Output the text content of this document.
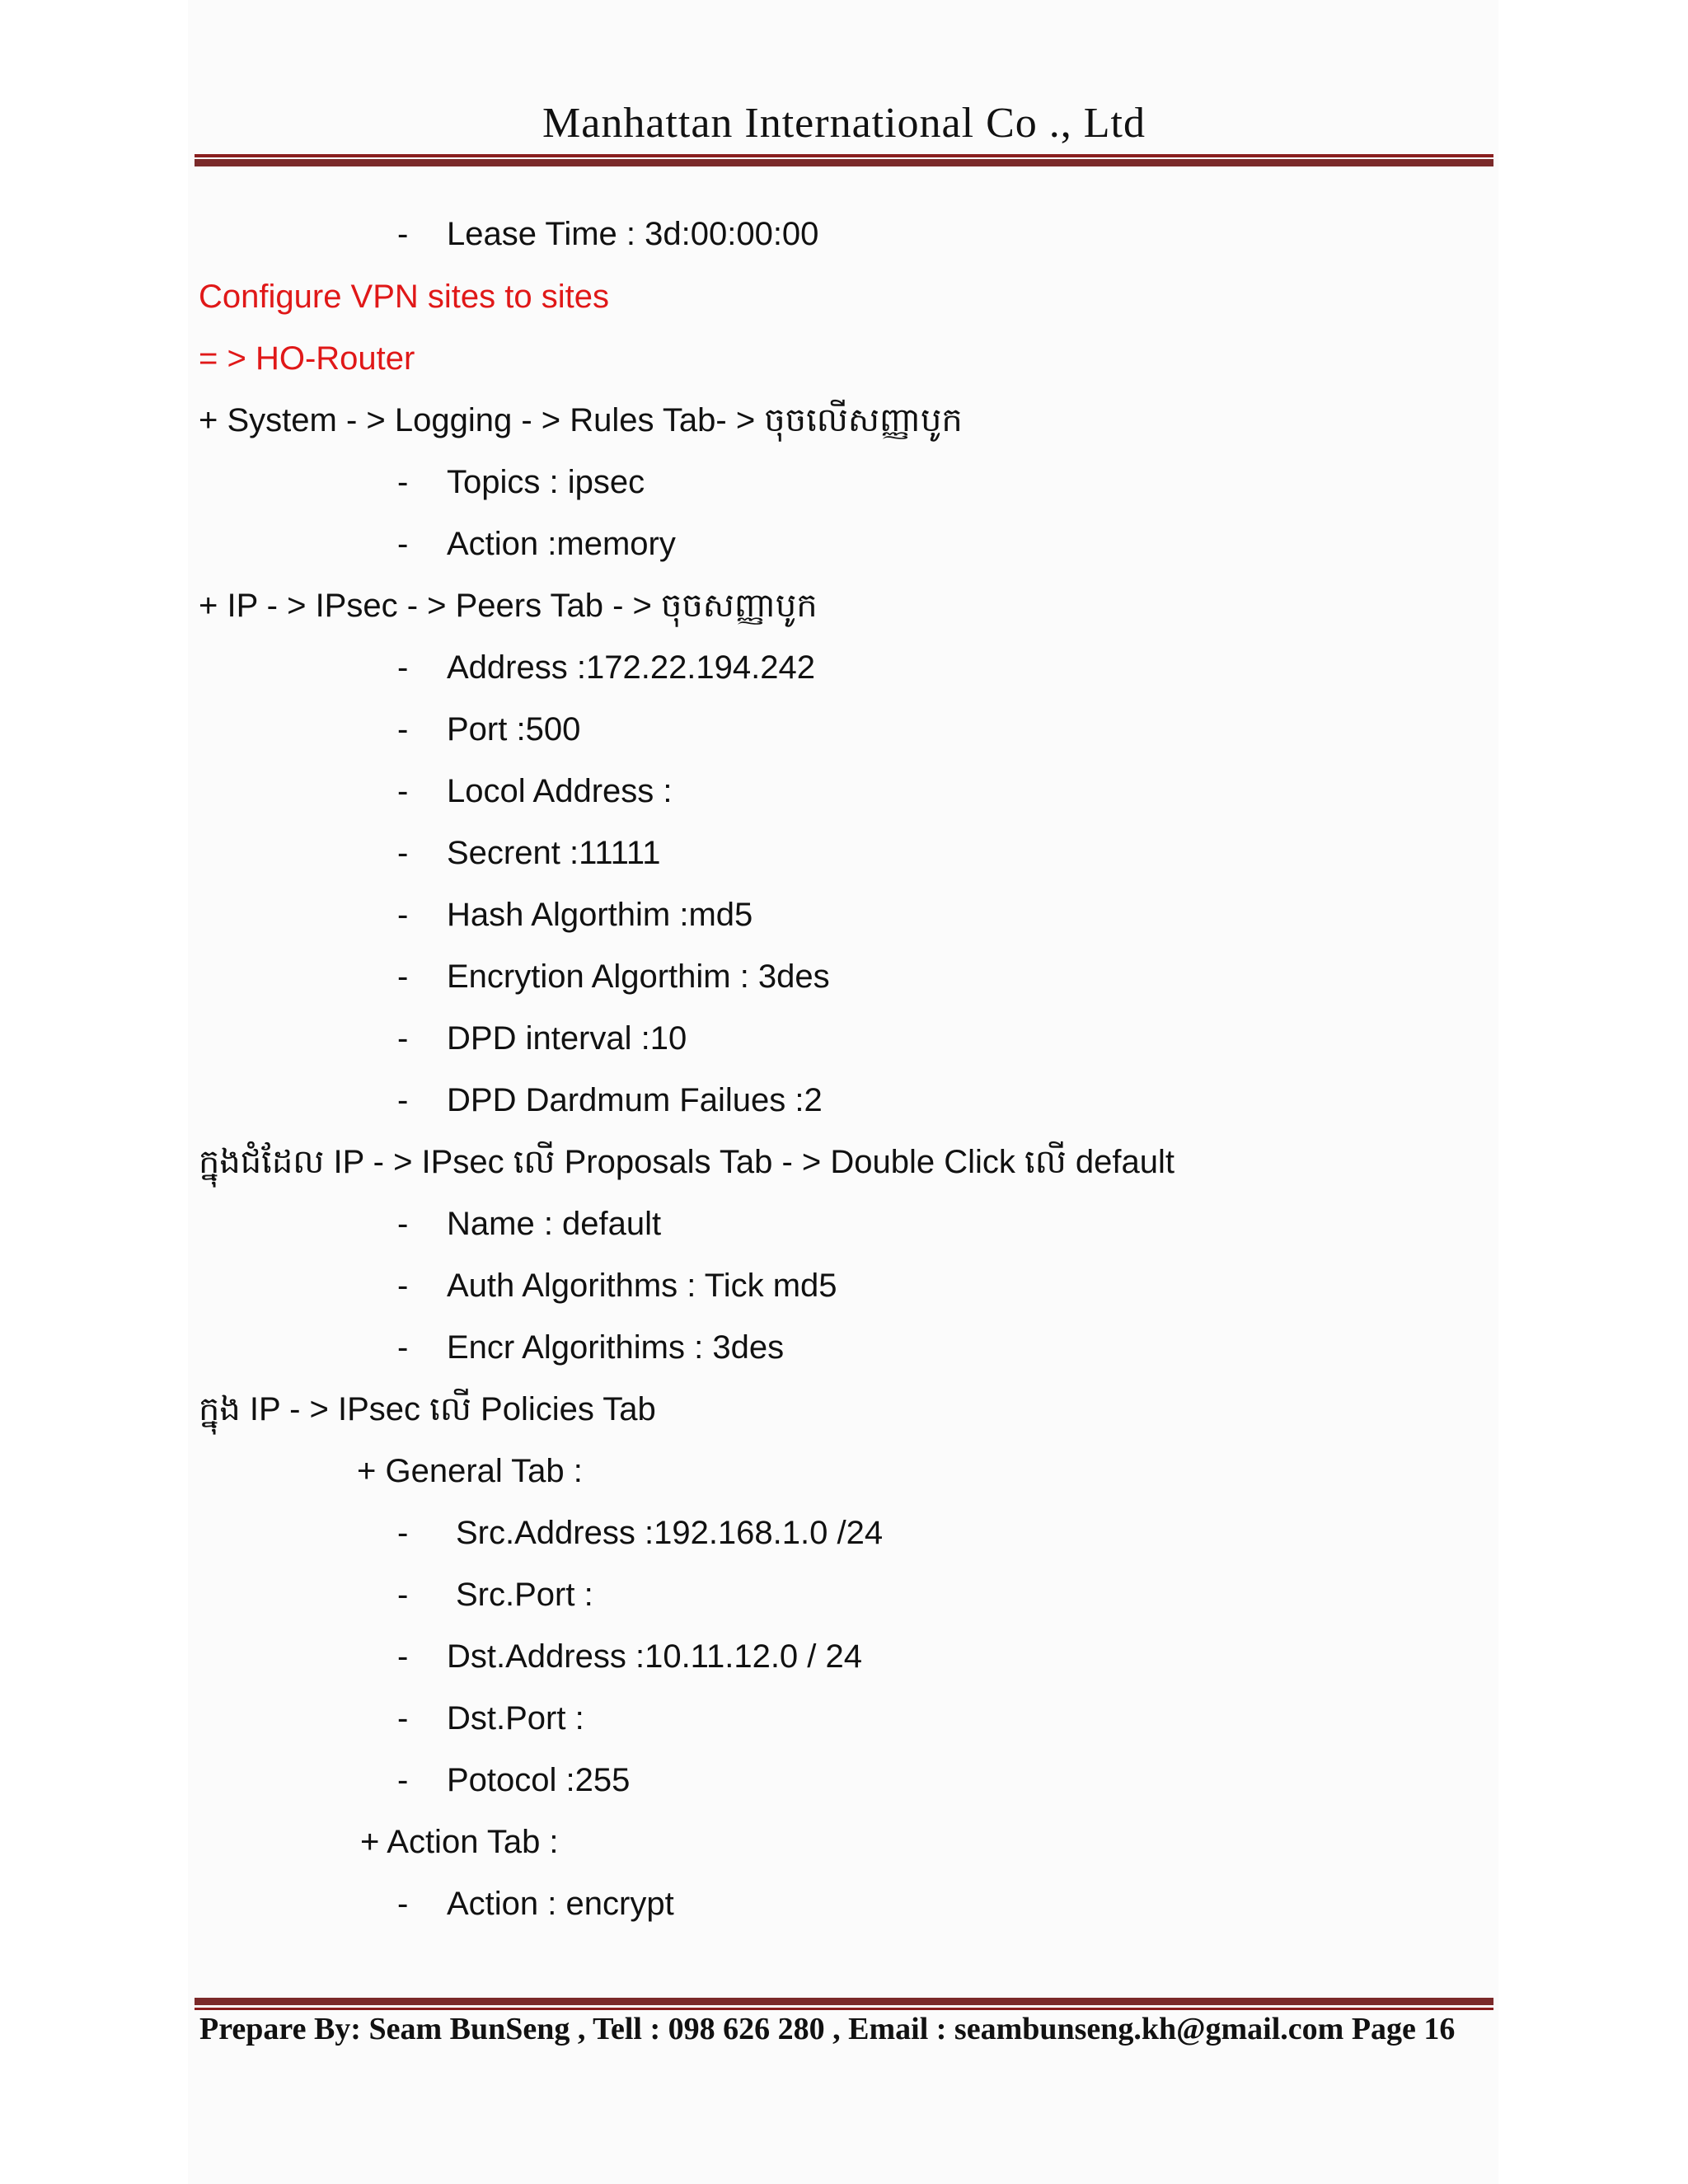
Manhattan International Co ., Ltd
- Lease Time : 3d:00:00:00
Configure VPN sites to sites
= > HO-Router
+ System - > Logging - > Rules Tab- > ចុចលើសញ្ញាបូក
- Topics : ipsec
- Action :memory
+ IP - > IPsec - > Peers Tab - > ចុចសញ្ញាបូក
- Address :172.22.194.242
- Port :500
- Locol Address :
- Secrent :11111
- Hash Algorthim :md5
- Encrytion Algorthim : 3des
- DPD interval :10
- DPD Dardmum Failues :2
ក្នុងជំដែល IP - > IPsec លើ Proposals Tab - > Double Click លើ default
- Name : default
- Auth Algorithms : Tick md5
- Encr Algorithims : 3des
ក្នុង IP - > IPsec លើ Policies Tab
+ General Tab :
- Src.Address :192.168.1.0 /24
- Src.Port :
- Dst.Address :10.11.12.0 / 24
- Dst.Port :
- Potocol :255
+ Action Tab :
- Action : encrypt
Prepare By: Seam BunSeng , Tell : 098 626 280 , Email : seambunseng.kh@gmail.com Page 16
